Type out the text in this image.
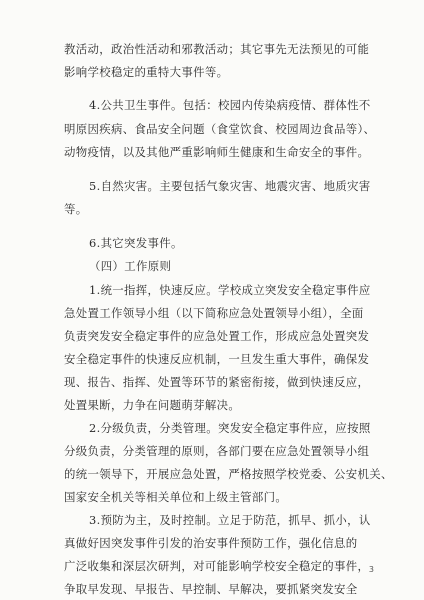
教活动，政治性活动和邪教活动；其它事先无法预见的可能
影响学校稳定的重特大事件等。
4.公共卫生事件。包括：校园内传染病疫情、群体性不
明原因疾病、食品安全问题（食堂饮食、校园周边食品等）、
动物疫情，以及其他严重影响师生健康和生命安全的事件。
5.自然灾害。主要包括气象灾害、地震灾害、地质灾害
等。
6.其它突发事件。
（四）工作原则
1.统一指挥，快速反应。学校成立突发安全稳定事件应
急处置工作领导小组（以下简称应急处置领导小组），全面
负责突发安全稳定事件的应急处置工作，形成应急处置突发
安全稳定事件的快速反应机制，一旦发生重大事件，确保发
现、报告、指挥、处置等环节的紧密衔接，做到快速反应，
处置果断，力争在问题萌芽解决。
2.分级负责，分类管理。突发安全稳定事件应，应按照
分级负责，分类管理的原则，各部门要在应急处置领导小组
的统一领导下，开展应急处置，严格按照学校党委、公安机关、
国家安全机关等相关单位和上级主管部门。
3.预防为主，及时控制。立足于防范，抓早、抓小，认
真做好因突发事件引发的治安事件预防工作，强化信息的
广泛收集和深层次研判，对可能影响学校安全稳定的事件，
争取早发现、早报告、早控制、早解决，要抓紧突发安全
3
